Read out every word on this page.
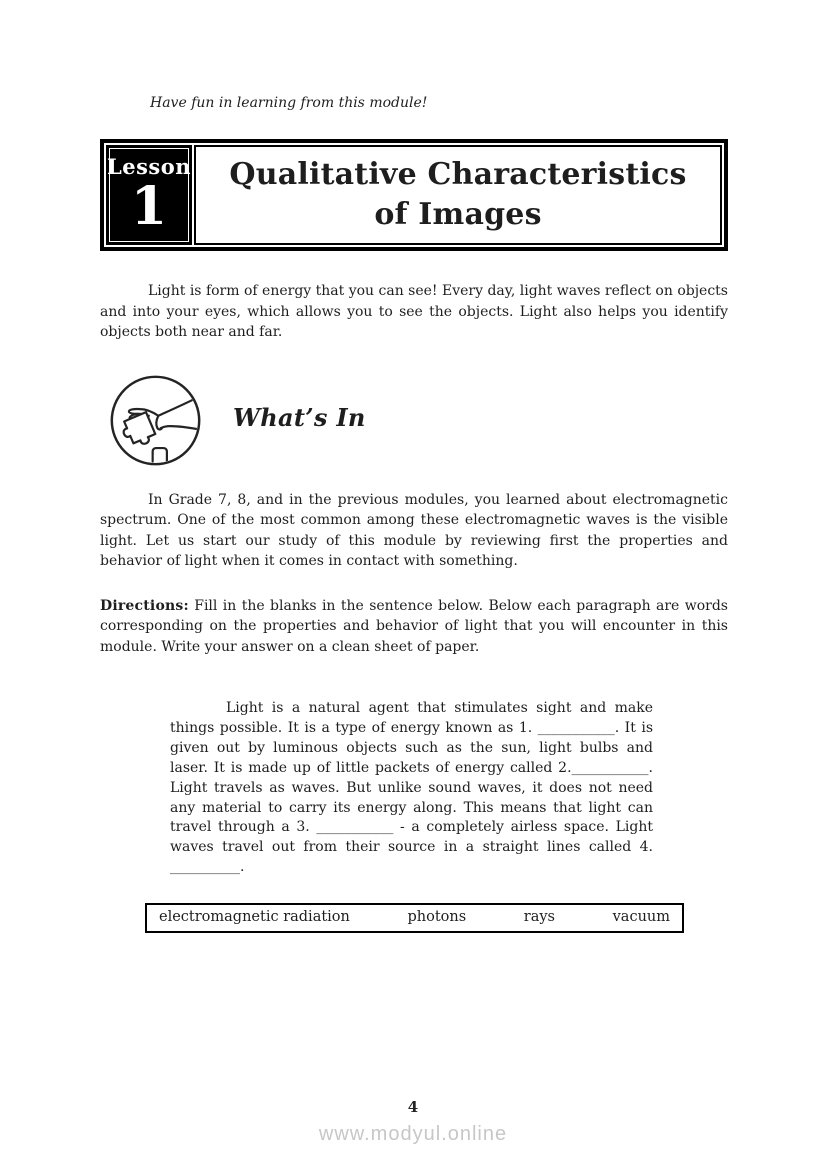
Have fun in learning from this module!

Lesson
1
Qualitative Characteristics
of Images

Light is form of energy that you can see! Every day, light waves reflect on objects and into your eyes, which allows you to see the objects. Light also helps you identify objects both near and far.

What’s In

In Grade 7, 8, and in the previous modules, you learned about electromagnetic spectrum. One of the most common among these electromagnetic waves is the visible light. Let us start our study of this module by reviewing first the properties and behavior of light when it comes in contact with something.

Directions: Fill in the blanks in the sentence below. Below each paragraph are words corresponding on the properties and behavior of light that you will encounter in this module. Write your answer on a clean sheet of paper.

Light is a natural agent that stimulates sight and make things possible. It is a type of energy known as 1. ___________. It is given out by luminous objects such as the sun, light bulbs and laser. It is made up of little packets of energy called 2.___________. Light travels as waves. But unlike sound waves, it does not need any material to carry its energy along. This means that light can travel through a 3. ___________ - a completely airless space. Light waves travel out from their source in a straight lines called 4. __________.

electromagnetic radiation	photons	rays	vacuum
4
www.modyul.online
